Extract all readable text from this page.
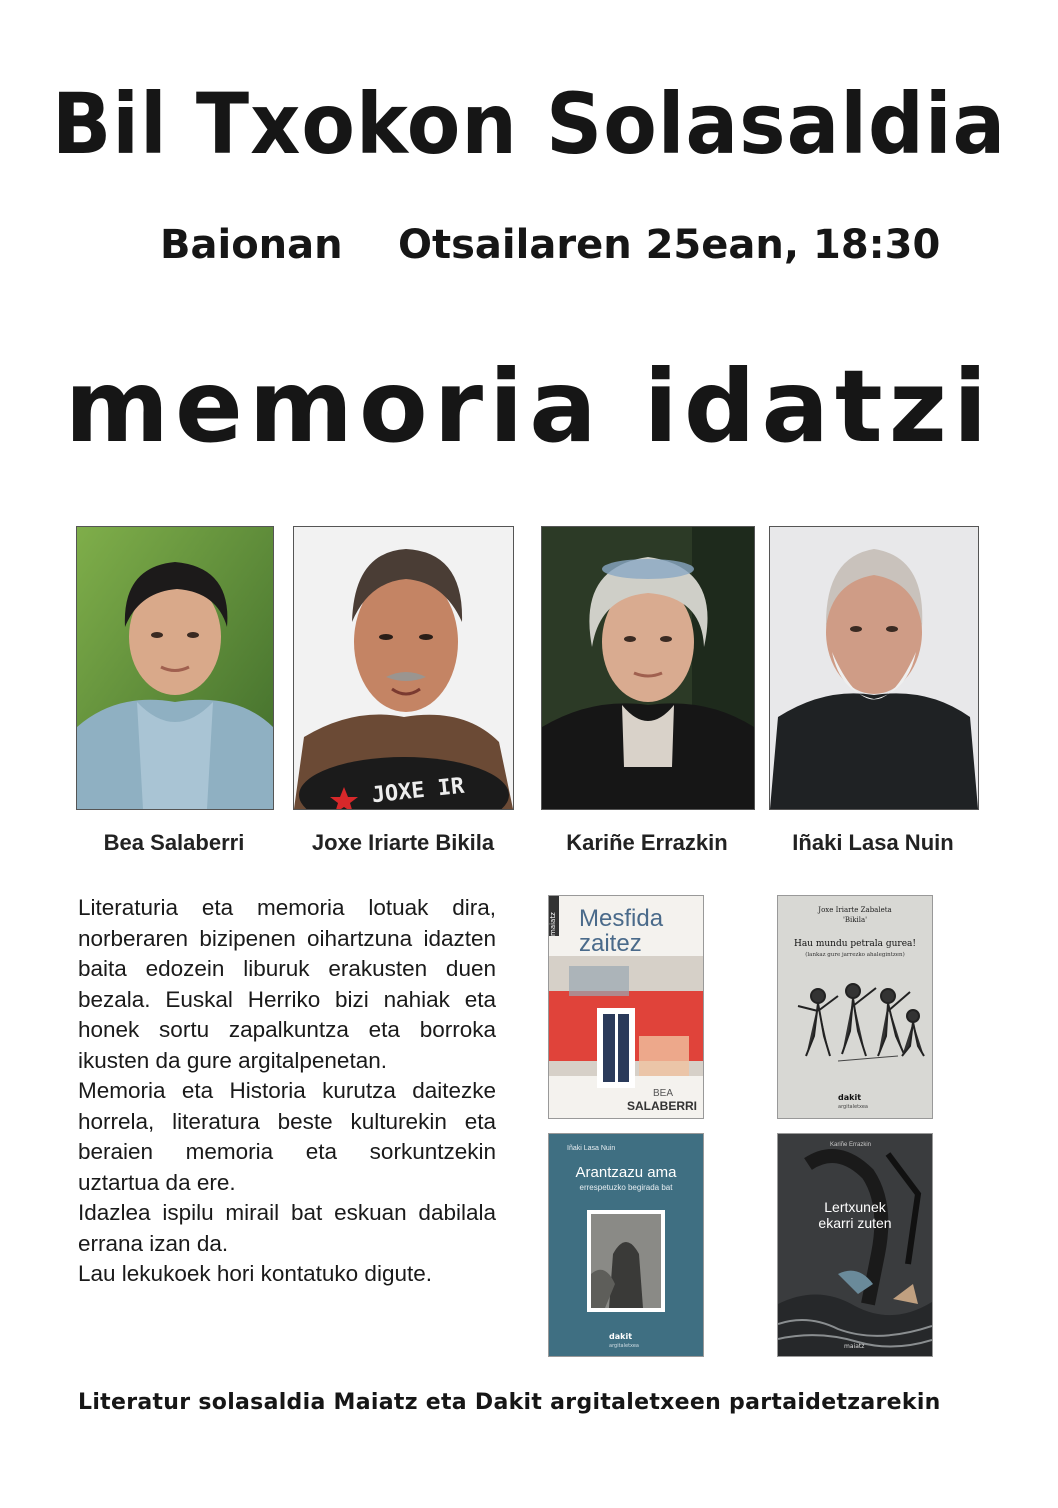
Bil Txokon Solasaldia
Baionan Otsailaren 25ean, 18:30
memoria idatzi
JOXE IR
Bea Salaberri	Joxe Iriarte Bikila	Kariñe Errazkin	Iñaki Lasa Nuin

Literaturia eta memoria lotuak dira, norberaren bizipenen oihartzuna idazten baita edozein liburuk erakusten duen bezala. Euskal Herriko bizi nahiak eta honek sortu zapalkuntza eta borroka ikusten da gure argitalpenetan.

Memoria eta Historia kurutza daitezke horrela, literatura beste kulturekin eta beraien memoria eta sorkuntzekin uztartua da ere.

Idazlea ispilu mirail bat eskuan dabilala errana izan da.

Lau lekukoek hori kontatuko digute.

maiatz Mesfida
zaitez
BEA
SALABERRI
Joxe Iriarte Zabaleta
'Bikila'
Hau mundu petrala gurea!
(lankaz gure jarrezko ahalegintzen)
dakit
argitaletxea
Iñaki Lasa Nuin
Arantzazu ama
errespetuzko begirada bat
dakit
argitaletxea
Kariñe Errazkin
Lertxunek
ekarri zuten
maiatz
Literatur solasaldia Maiatz eta Dakit argitaletxeen partaidetzarekin
